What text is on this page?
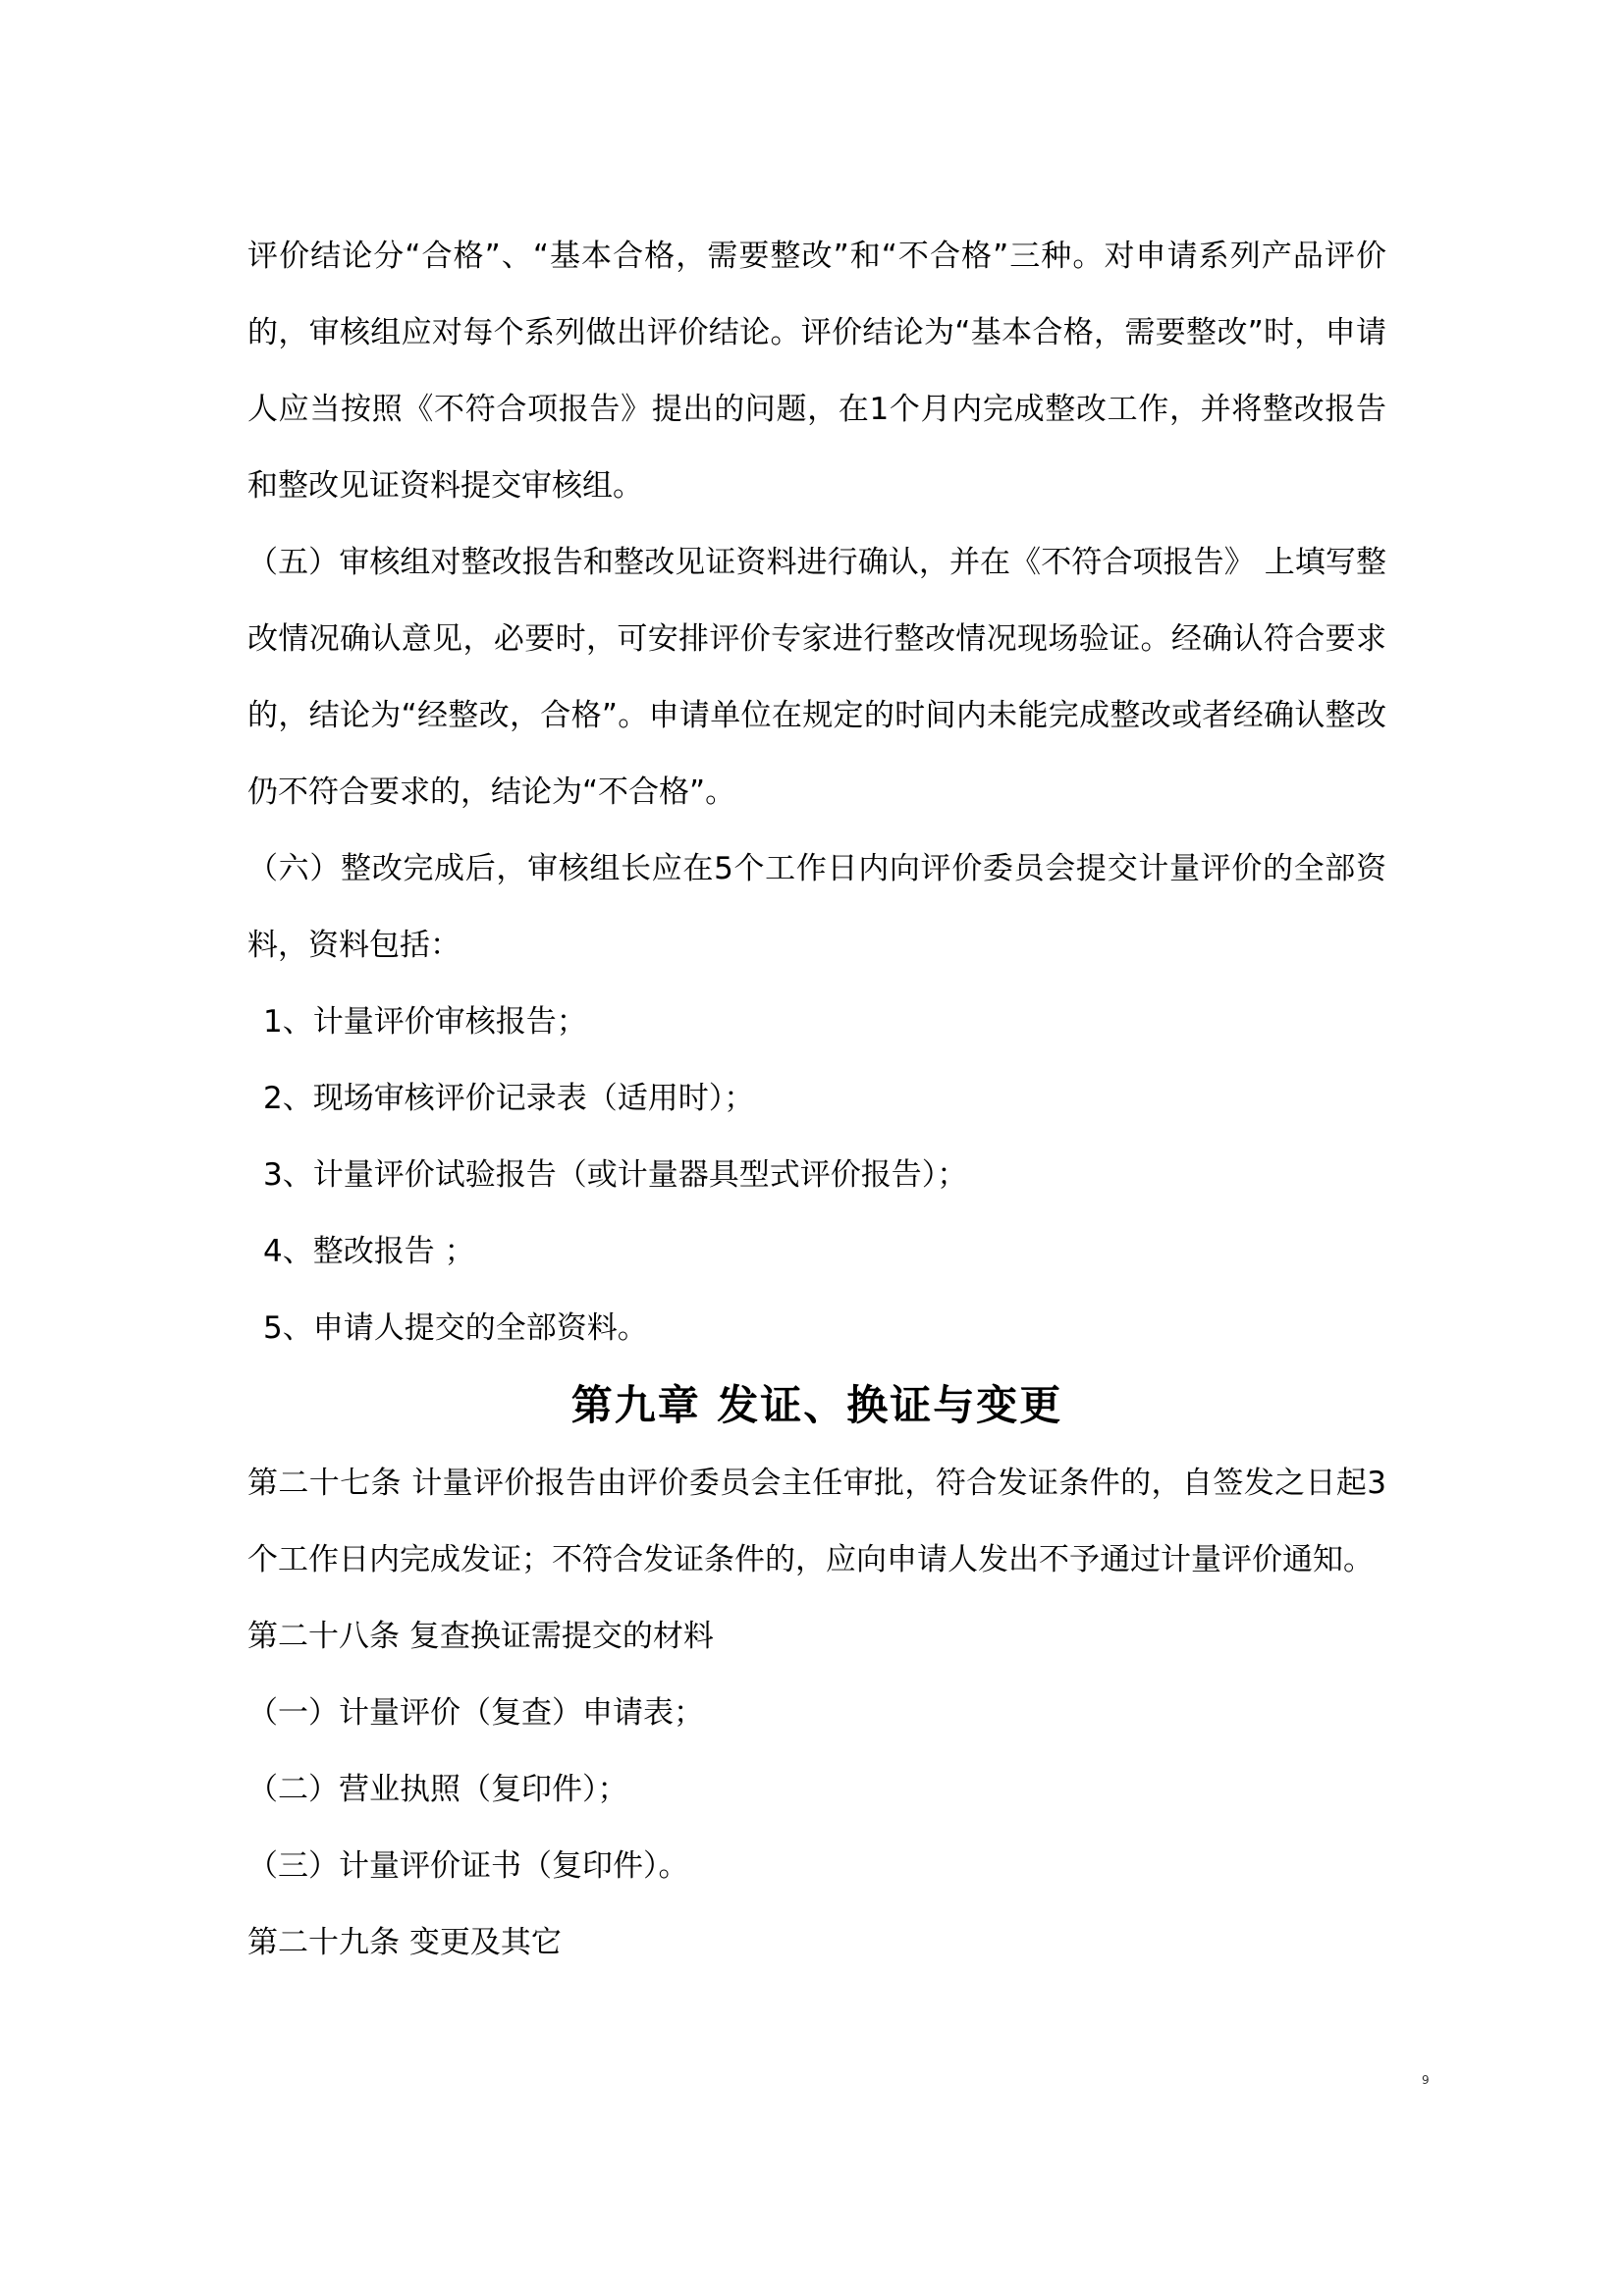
评价结论分“合格”、“基本合格，需要整改”和“不合格”三种。对申请系列产品评价的，审核组应对每个系列做出评价结论。评价结论为“基本合格，需要整改”时，申请人应当按照《不符合项报告》提出的问题，在1个月内完成整改工作，并将整改报告和整改见证资料提交审核组。

（五）审核组对整改报告和整改见证资料进行确认，并在《不符合项报告》 上填写整改情况确认意见，必要时，可安排评价专家进行整改情况现场验证。经确认符合要求的，结论为“经整改，合格”。申请单位在规定的时间内未能完成整改或者经确认整改仍不符合要求的，结论为“不合格”。

（六）整改完成后，审核组长应在5个工作日内向评价委员会提交计量评价的全部资料，资料包括：

1、计量评价审核报告；

2、现场审核评价记录表（适用时）；

3、计量评价试验报告（或计量器具型式评价报告）；

4、整改报告 ；

5、申请人提交的全部资料。

第九章 发证、换证与变更

第二十七条 计量评价报告由评价委员会主任审批，符合发证条件的，自签发之日起3个工作日内完成发证；不符合发证条件的，应向申请人发出不予通过计量评价通知。

第二十八条 复查换证需提交的材料

（一）计量评价（复查）申请表；

（二）营业执照（复印件）；

（三）计量评价证书（复印件）。

第二十九条 变更及其它

9
